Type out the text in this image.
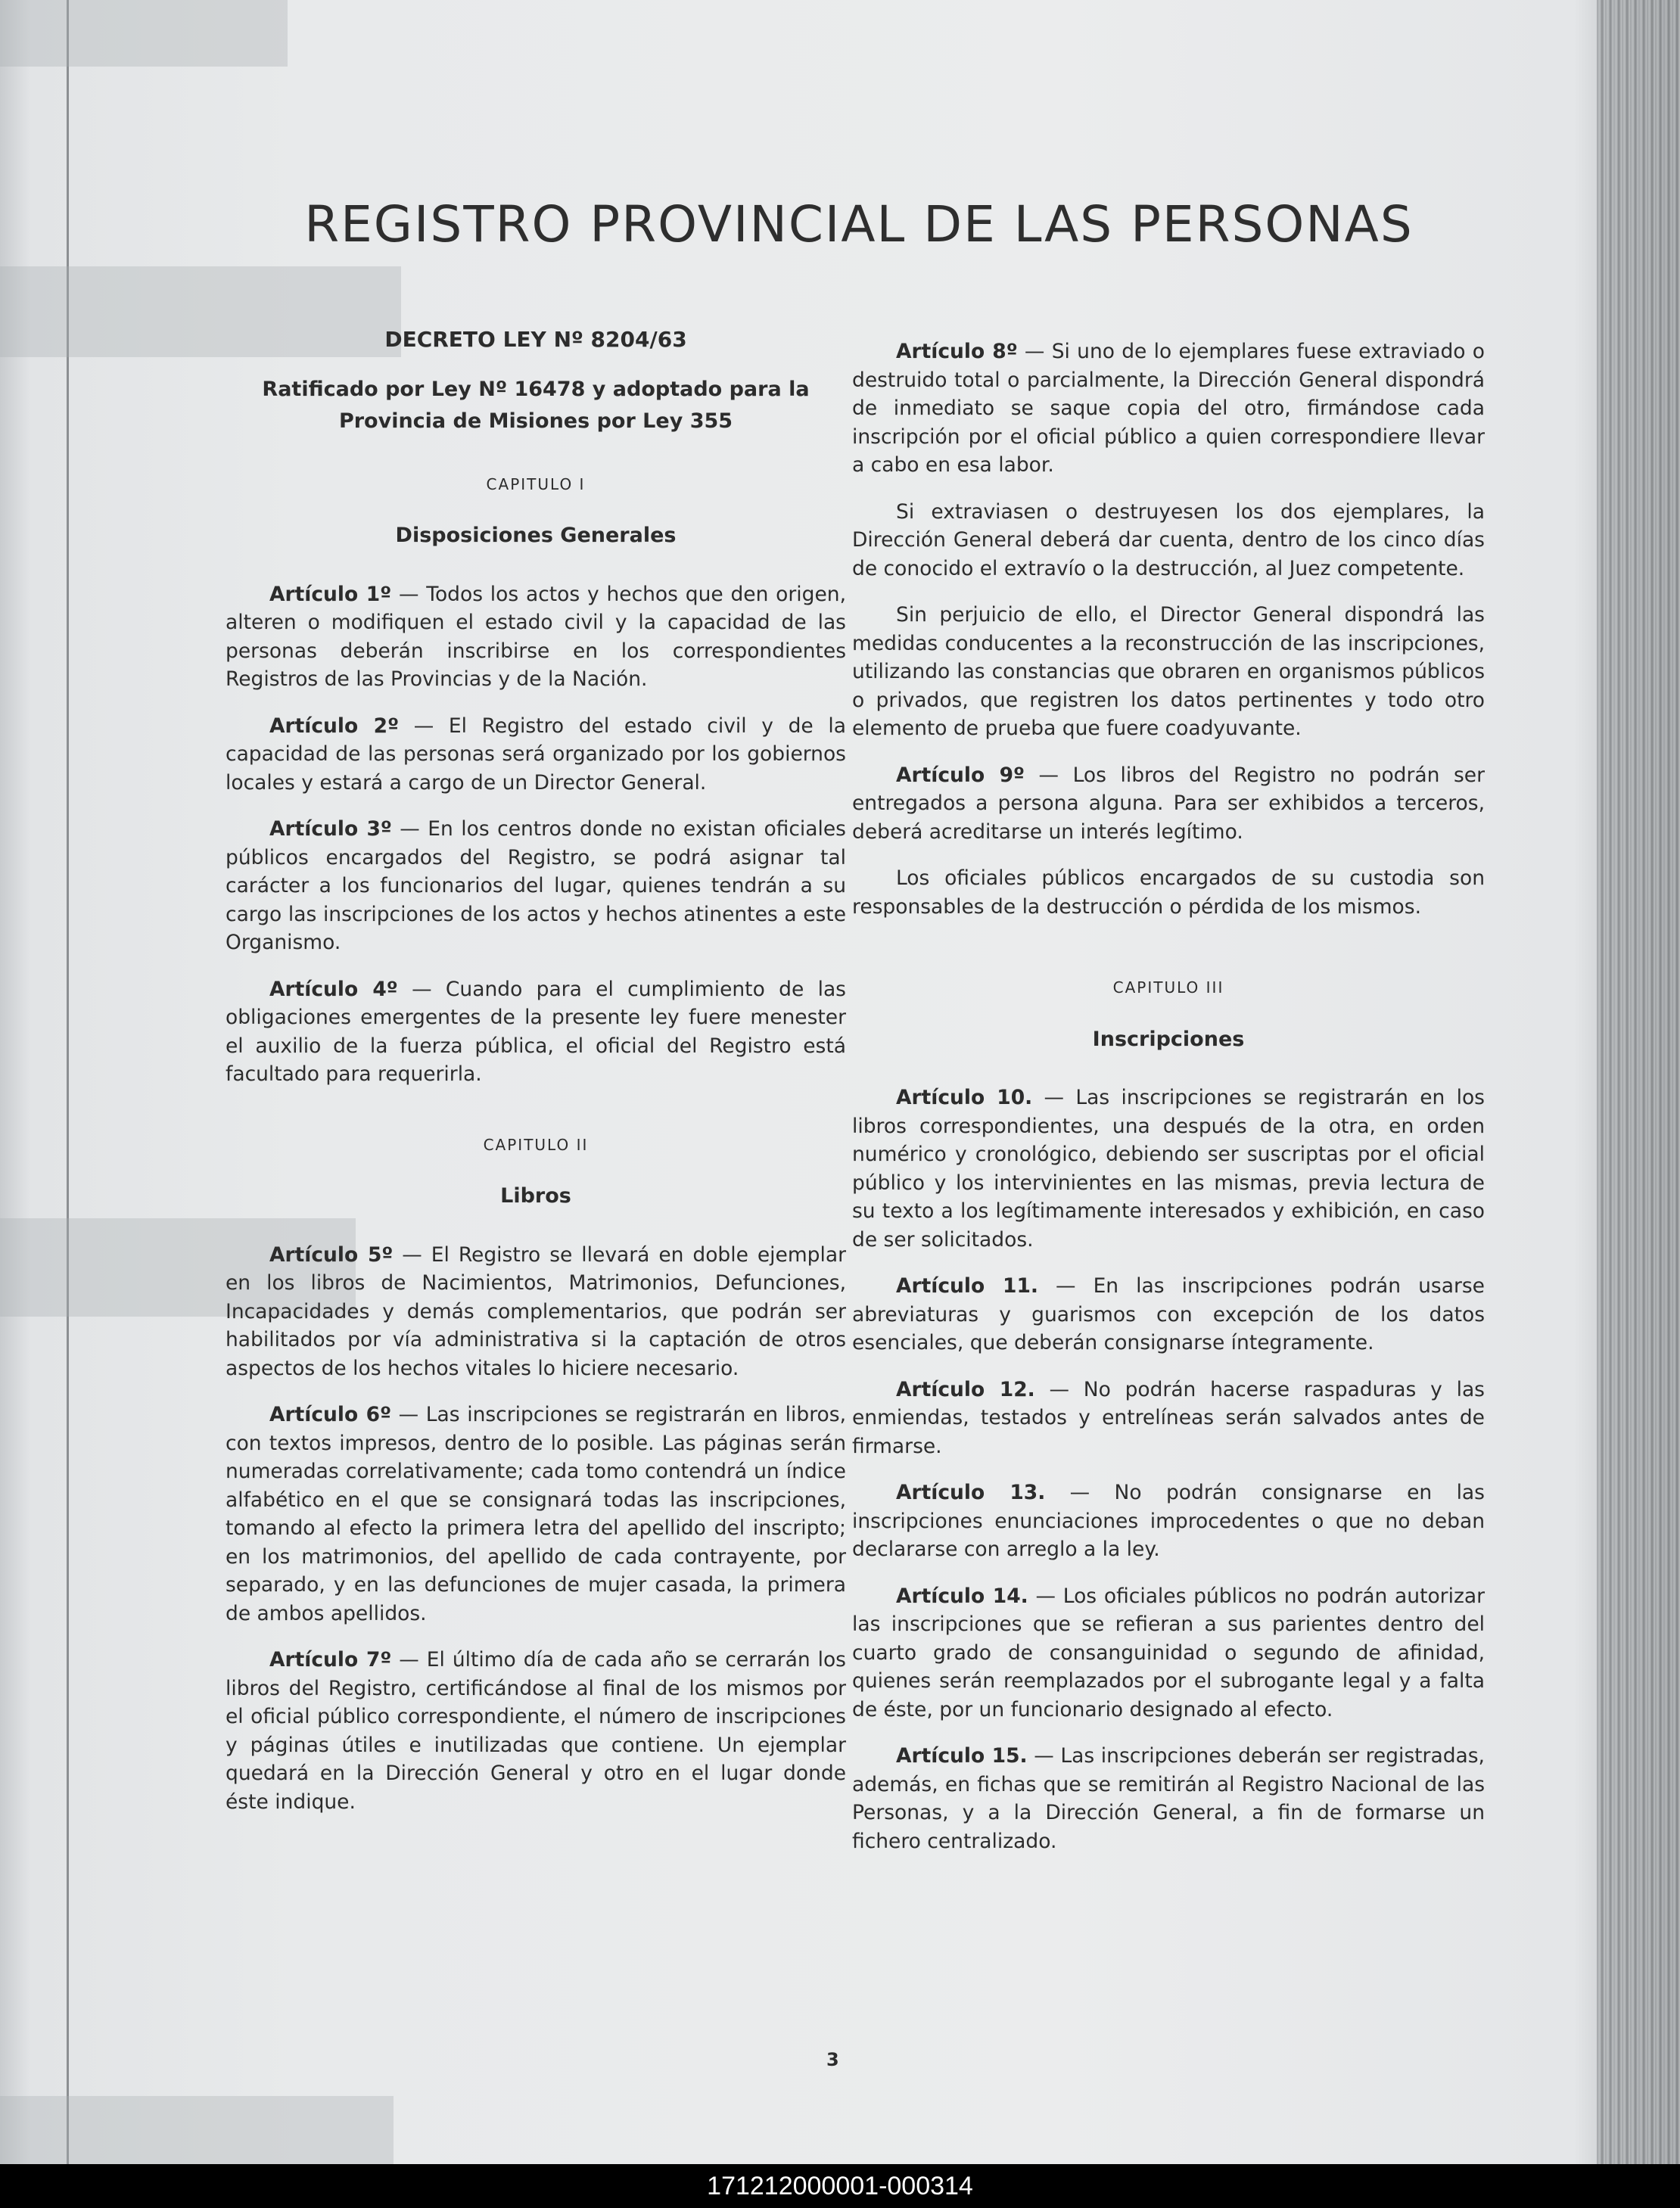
REGISTRO PROVINCIAL DE LAS PERSONAS
DECRETO LEY Nº 8204/63
Ratificado por Ley Nº 16478 y adoptado para la Provincia de Misiones por Ley 355
CAPITULO I
Disposiciones Generales

Artículo 1º — Todos los actos y hechos que den origen, alteren o modifiquen el estado civil y la capacidad de las personas deberán inscribirse en los correspondientes Registros de las Provincias y de la Nación.

Artículo 2º — El Registro del estado civil y de la capacidad de las personas será organizado por los gobiernos locales y estará a cargo de un Director General.

Artículo 3º — En los centros donde no existan oficiales públicos encargados del Registro, se podrá asignar tal carácter a los funcionarios del lugar, quienes tendrán a su cargo las inscripciones de los actos y hechos atinentes a este Organismo.

Artículo 4º — Cuando para el cumplimiento de las obligaciones emergentes de la presente ley fuere menester el auxilio de la fuerza pública, el oficial del Registro está facultado para requerirla.

CAPITULO II
Libros

Artículo 5º — El Registro se llevará en doble ejemplar en los libros de Nacimientos, Matrimonios, Defunciones, Incapacidades y demás complementarios, que podrán ser habilitados por vía administrativa si la captación de otros aspectos de los hechos vitales lo hiciere necesario.

Artículo 6º — Las inscripciones se registrarán en libros, con textos impresos, dentro de lo posible. Las páginas serán numeradas correlativamente; cada tomo contendrá un índice alfabético en el que se consignará todas las inscripciones, tomando al efecto la primera letra del apellido del inscripto; en los matrimonios, del apellido de cada contrayente, por separado, y en las defunciones de mujer casada, la primera de ambos apellidos.

Artículo 7º — El último día de cada año se cerrarán los libros del Registro, certificándose al final de los mismos por el oficial público correspondiente, el número de inscripciones y páginas útiles e inutilizadas que contiene. Un ejemplar quedará en la Dirección General y otro en el lugar donde éste indique.

Artículo 8º — Si uno de lo ejemplares fuese extraviado o destruido total o parcialmente, la Dirección General dispondrá de inmediato se saque copia del otro, firmándose cada inscripción por el oficial público a quien correspondiere llevar a cabo en esa labor.

Si extraviasen o destruyesen los dos ejemplares, la Dirección General deberá dar cuenta, dentro de los cinco días de conocido el extravío o la destrucción, al Juez competente.

Sin perjuicio de ello, el Director General dispondrá las medidas conducentes a la reconstrucción de las inscripciones, utilizando las constancias que obraren en organismos públicos o privados, que registren los datos pertinentes y todo otro elemento de prueba que fuere coadyuvante.

Artículo 9º — Los libros del Registro no podrán ser entregados a persona alguna. Para ser exhibidos a terceros, deberá acreditarse un interés legítimo.

Los oficiales públicos encargados de su custodia son responsables de la destrucción o pérdida de los mismos.

CAPITULO III
Inscripciones

Artículo 10. — Las inscripciones se registrarán en los libros correspondientes, una después de la otra, en orden numérico y cronológico, debiendo ser suscriptas por el oficial público y los intervinientes en las mismas, previa lectura de su texto a los legítimamente interesados y exhibición, en caso de ser solicitados.

Artículo 11. — En las inscripciones podrán usarse abreviaturas y guarismos con excepción de los datos esenciales, que deberán consignarse íntegramente.

Artículo 12. — No podrán hacerse raspaduras y las enmiendas, testados y entrelíneas serán salvados antes de firmarse.

Artículo 13. — No podrán consignarse en las inscripciones enunciaciones improcedentes o que no deban declararse con arreglo a la ley.

Artículo 14. — Los oficiales públicos no podrán autorizar las inscripciones que se refieran a sus parientes dentro del cuarto grado de consanguinidad o segundo de afinidad, quienes serán reemplazados por el subrogante legal y a falta de éste, por un funcionario designado al efecto.

Artículo 15. — Las inscripciones deberán ser registradas, además, en fichas que se remitirán al Registro Nacional de las Personas, y a la Dirección General, a fin de formarse un fichero centralizado.

3
171212000001-000314
